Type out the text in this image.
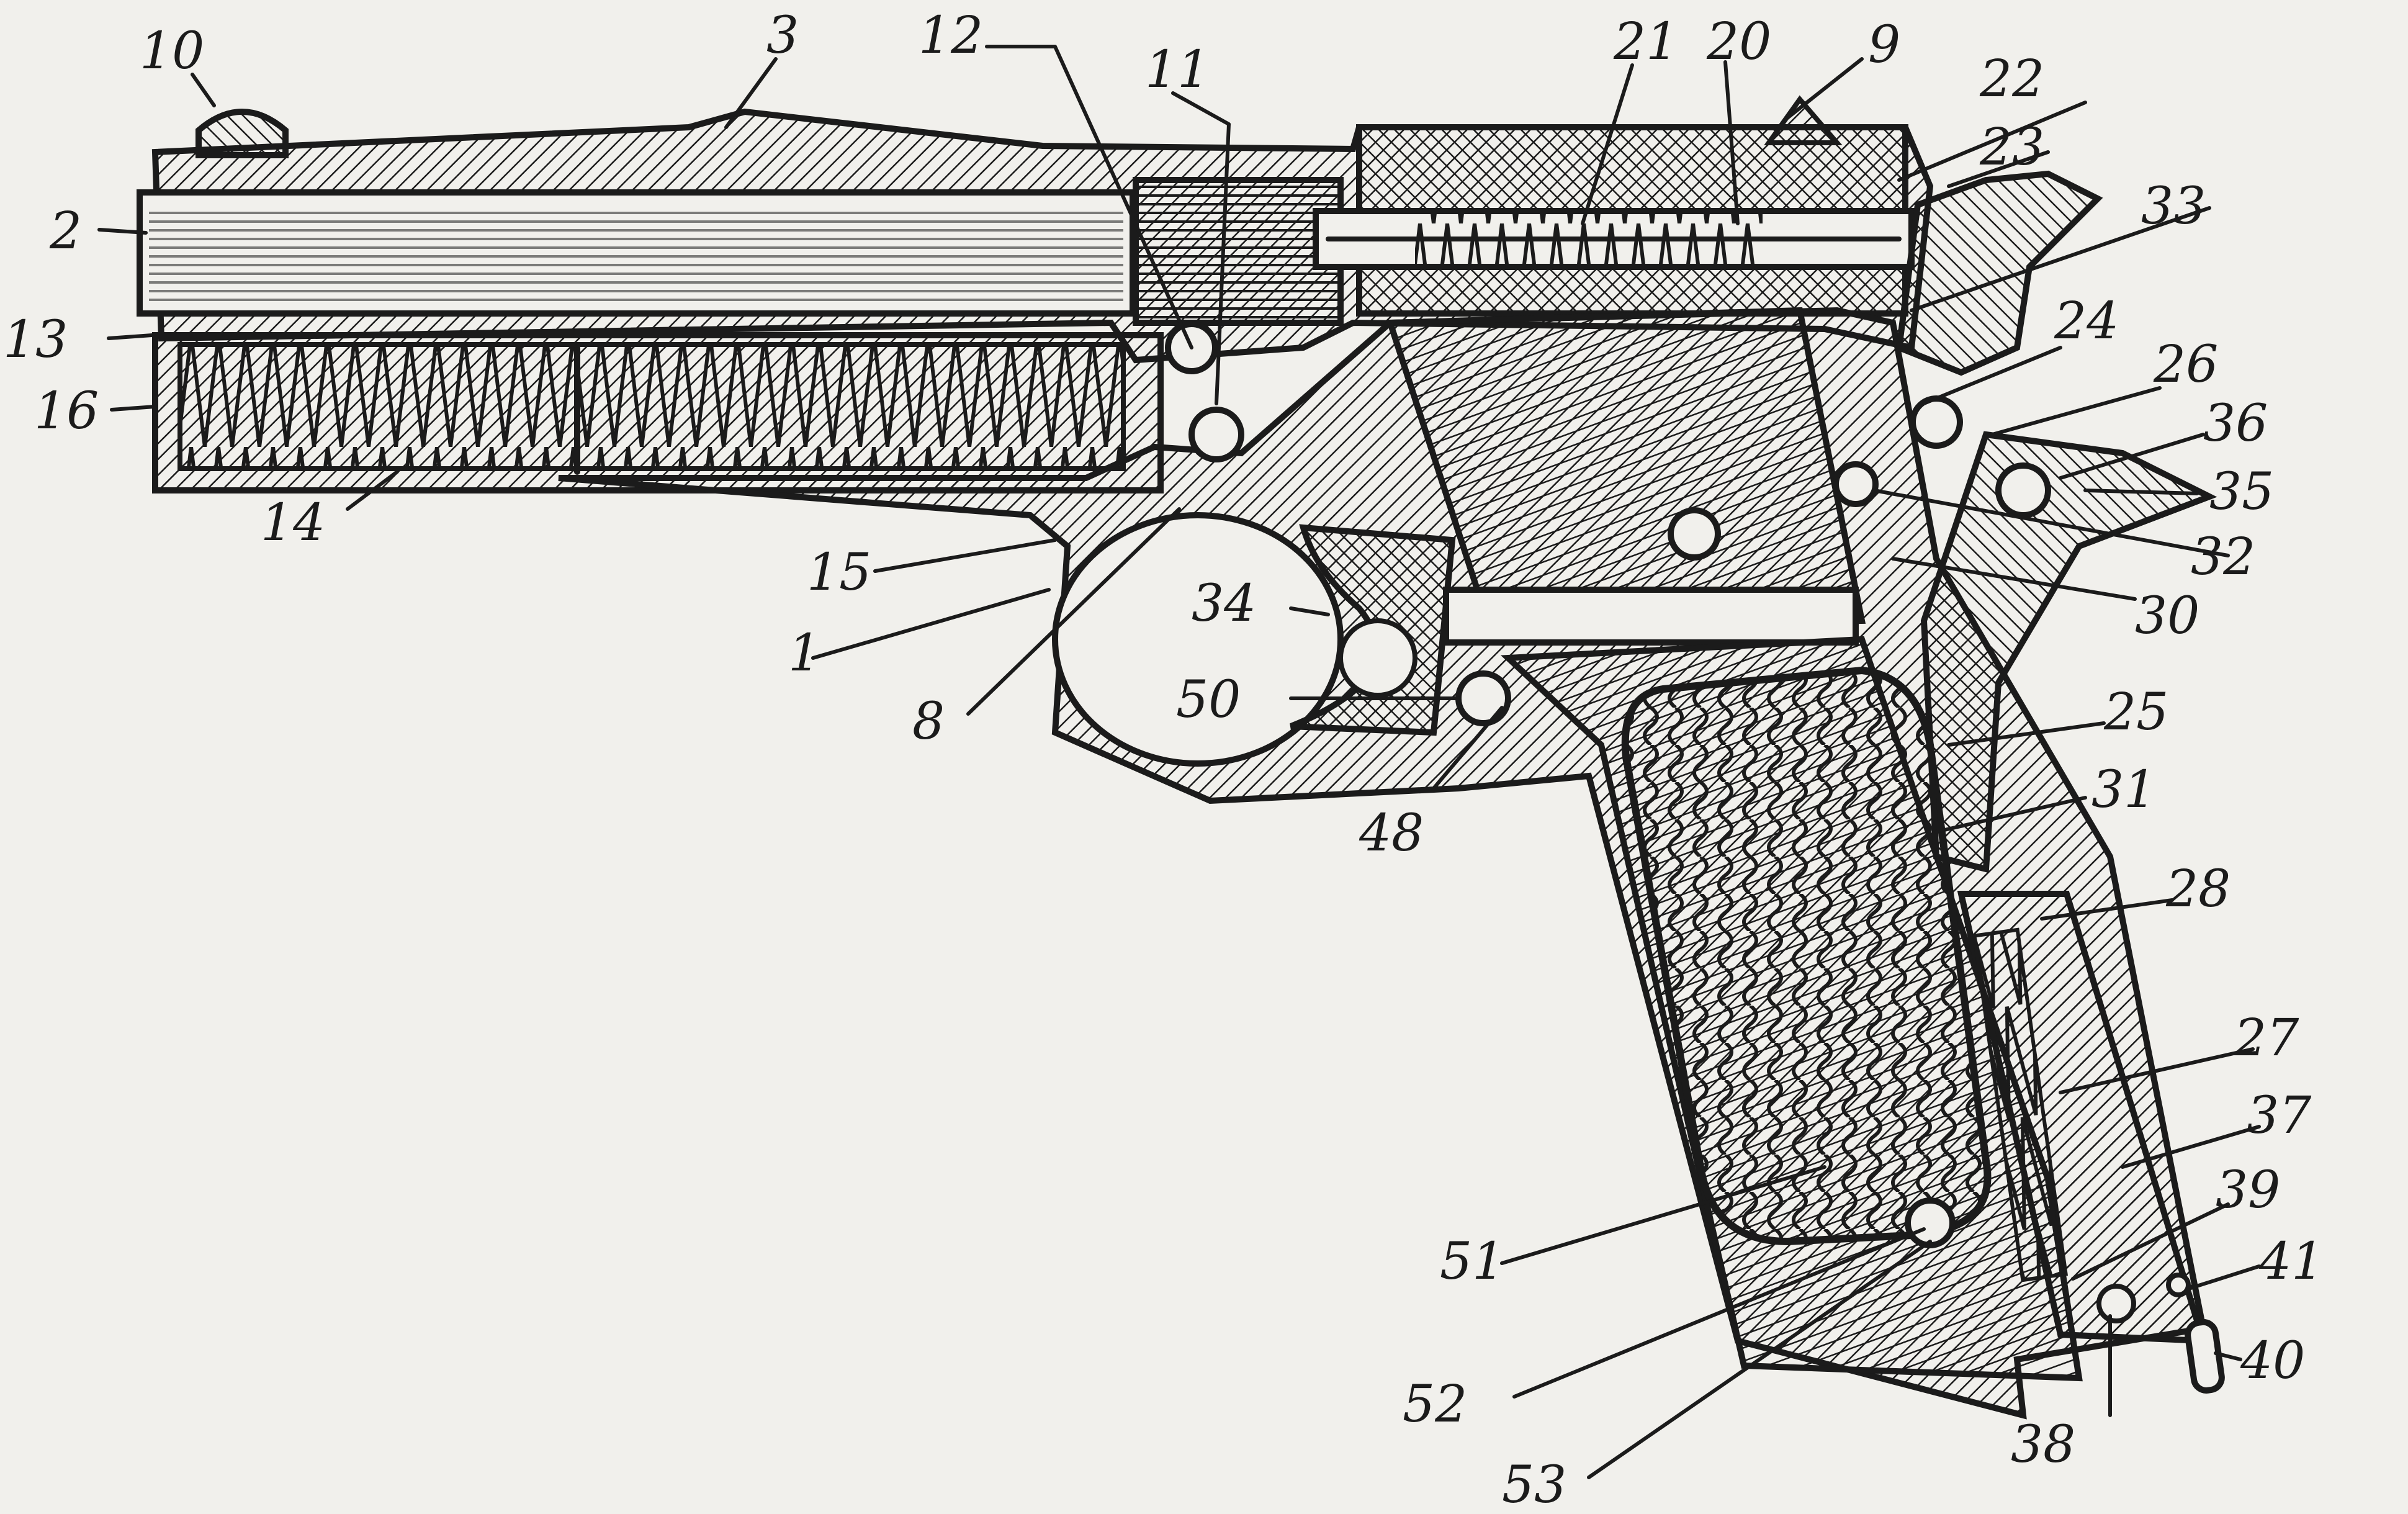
10	3 12
11
2
13
16
14
15
1
8
34
50
48
21 20 9
22
23
33
24
26
36
35
32
30
25
31
28
27
37
39
41
40
38
51
52
53
